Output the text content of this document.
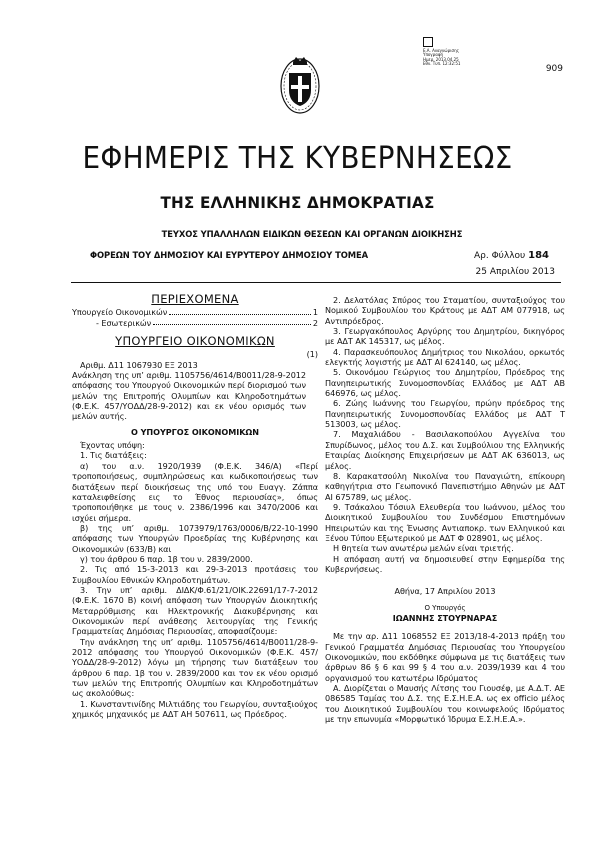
909
Ε.Α. Αναγνώρισης
Υπογραφή
Ημερ. 2013.04.25
Εθν. Τυπ. 12:32:51
ΕΦΗΜΕΡΙΣ ΤΗΣ ΚΥΒΕΡΝΗΣΕΩΣ
ΤΗΣ ΕΛΛΗΝΙΚΗΣ ΔΗΜΟΚΡΑΤΙΑΣ
ΤΕΥΧΟΣ ΥΠΑΛΛΗΛΩΝ ΕΙΔΙΚΩΝ ΘΕΣΕΩΝ ΚΑΙ ΟΡΓΑΝΩΝ ΔΙΟΙΚΗΣΗΣ
ΦΟΡΕΩΝ ΤΟΥ ΔΗΜΟΣΙΟΥ ΚΑΙ ΕΥΡΥΤΕΡΟΥ ΔΗΜΟΣΙΟΥ ΤΟΜΕΑ	Αρ. Φύλλου 184
25 Απριλίου 2013
ΠΕΡΙΕΧΟΜΕΝΑ
Υπουργείο Οικονομικών	1
- Εσωτερικών	2
ΥΠΟΥΡΓΕΙΟ ΟΙΚΟΝΟΜΙΚΩΝ
(1)

Αριθμ. Δ11 1067930 ΕΞ 2013

Ανάκληση της υπ’ αριθμ. 1105756/4614/Β0011/28-9-2012 απόφασης του Υπουργού Οικονομικών περί διορισμού των μελών της Επιτροπής Ολυμπίων και Κληροδοτημάτων (Φ.Ε.Κ. 457/ΥΟΔΔ/28-9-2012) και εκ νέου ορισμός των μελών αυτής.

Ο ΥΠΟΥΡΓΟΣ ΟΙΚΟΝΟΜΙΚΩΝ

Έχοντας υπόψη:

1. Τις διατάξεις:

α) του α.ν. 1920/1939 (Φ.Ε.Κ. 346/Α) «Περί τροποποιήσεως, συμπληρώσεως και κωδικοποιήσεως των διατάξεων περί διοικήσεως της υπό του Ευαγγ. Ζάππα καταλειφθείσης εις το Έθνος περιουσίας», όπως τροποποιήθηκε με τους ν. 2386/1996 και 3470/2006 και ισχύει σήμερα.

β) της υπ’ αριθμ. 1073979/1763/0006/Β/22-10-1990 απόφασης των Υπουργών Προεδρίας της Κυβέρνησης και Οικονομικών (633/Β) και

γ) του άρθρου 6 παρ. 1β του ν. 2839/2000.

2. Τις από 15-3-2013 και 29-3-2013 προτάσεις του Συμβουλίου Εθνικών Κληροδοτημάτων.

3. Την υπ’ αριθμ. ΔΙΔΚ/Φ.61/21/ΟΙΚ.22691/17-7-2012 (Φ.Ε.Κ. 1670 Β) κοινή απόφαση των Υπουργών Διοικητικής Μεταρρύθμισης και Ηλεκτρονικής Διακυβέρνησης και Οικονομικών περί ανάθεσης λειτουργίας της Γενικής Γραμματείας Δημόσιας Περιουσίας, αποφασίζουμε:

Την ανάκληση της υπ’ αριθμ. 1105756/4614/Β0011/28-9-2012 απόφασης του Υπουργού Οικονομικών (Φ.Ε.Κ. 457/ΥΟΔΔ/28-9-2012) λόγω μη τήρησης των διατάξεων του άρθρου 6 παρ. 1β του ν. 2839/2000 και τον εκ νέου ορισμό των μελών της Επιτροπής Ολυμπίων και Κληροδοτημάτων ως ακολούθως:

1. Κωνσταντινίδης Μιλτιάδης του Γεωργίου, συνταξιούχος χημικός μηχανικός με ΑΔΤ ΑΗ 507611, ως Πρόεδρος.

2. Δελατόλας Σπύρος του Σταματίου, συνταξιούχος του Νομικού Συμβουλίου του Κράτους με ΑΔΤ ΑΜ 077918, ως Αντιπρόεδρος.

3. Γεωργακόπουλος Αργύρης του Δημητρίου, δικηγόρος με ΑΔΤ ΑΚ 145317, ως μέλος.

4. Παρασκευόπουλος Δημήτριος του Νικολάου, ορκωτός ελεγκτής λογιστής με ΑΔΤ ΑΙ 624140, ως μέλος.

5. Οικονόμου Γεώργιος του Δημητρίου, Πρόεδρος της Πανηπειρωτικής Συνομοσπονδίας Ελλάδος με ΑΔΤ ΑΒ 646976, ως μέλος.

6. Ζώης Ιωάννης του Γεωργίου, πρώην πρόεδρος της Πανηπειρωτικής Συνομοσπονδίας Ελλάδος με ΑΔΤ Τ 513003, ως μέλος.

7. Μαχαλιάδου - Βασιλακοπούλου Αγγελίνα του Σπυρίδωνος, μέλος του Δ.Σ. και Συμβούλιου της Ελληνικής Εταιρίας Διοίκησης Επιχειρήσεων με ΑΔΤ ΑΚ 636013, ως μέλος.

8. Καρακατσούλη Νικολίνα του Παναγιώτη, επίκουρη καθηγήτρια στο Γεωπονικό Πανεπιστήμιο Αθηνών με ΑΔΤ ΑΙ 675789, ως μέλος.

9. Τσάκαλου Τόσιυλ Ελευθερία του Ιωάννου, μέλος του Διοικητικού Συμβουλίου του Συνδέσμου Επιστημόνων Ηπειρωτών και της Ένωσης Αντιαποκρ. των Ελληνικού και Ξένου Τύπου Εξωτερικού με ΑΔΤ Φ 028901, ως μέλος.

Η θητεία των ανωτέρω μελών είναι τριετής.

Η απόφαση αυτή να δημοσιευθεί στην Εφημερίδα της Κυβερνήσεως.

Αθήνα, 17 Απριλίου 2013
Ο Υπουργός
ΙΩΑΝΝΗΣ ΣΤΟΥΡΝΑΡΑΣ

Με την αρ. Δ11 1068552 ΕΞ 2013/18-4-2013 πράξη του Γενικού Γραμματέα Δημόσιας Περιουσίας του Υπουργείου Οικονομικών, που εκδόθηκε σύμφωνα με τις διατάξεις των άρθρων 86 § 6 και 99 § 4 του α.ν. 2039/1939 και 4 του οργανισμού του κατωτέρω Ιδρύματος

Α. Διορίζεται ο Μαυσής Λίτσης του Γιουσέφ, με Α.Δ.Τ. ΑΕ 086585 Ταμίας του Δ.Σ. της Ε.Σ.Η.Ε.Α. ως ex officio μέλος του Διοικητικού Συμβουλίου του κοινωφελούς Ιδρύματος με την επωνυμία «Μορφωτικό Ίδρυμα Ε.Σ.Η.Ε.Α.».
